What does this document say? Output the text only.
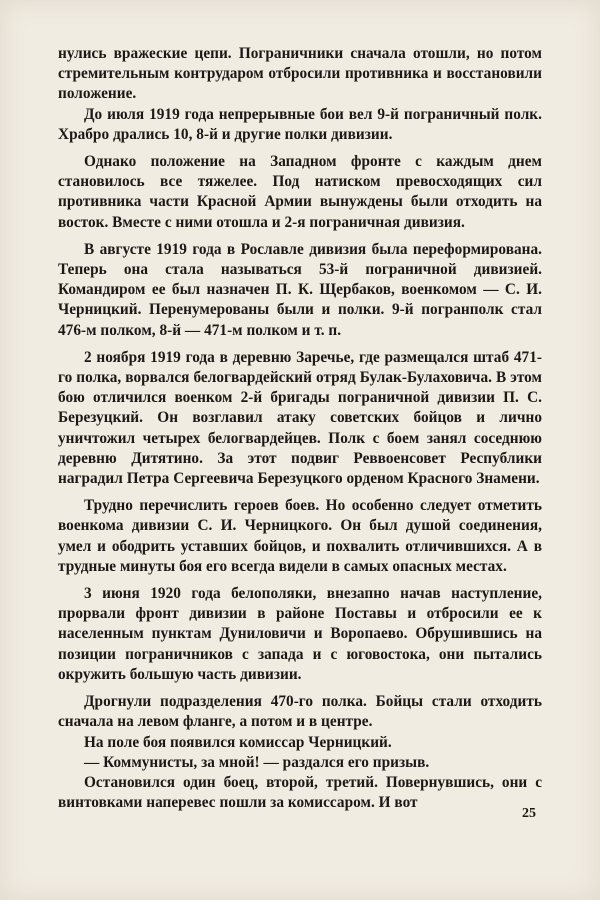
нулись вражеские цепи. Пограничники сначала отошли, но потом стремительным контрударом отбросили противника и восстановили положение.

До июля 1919 года непрерывные бои вел 9-й пограничный полк. Храбро дрались 10, 8-й и другие полки дивизии.

Однако положение на Западном фронте с каждым днем становилось все тяжелее. Под натиском превосходящих сил противника части Красной Армии вынуждены были отходить на восток. Вместе с ними отошла и 2-я пограничная дивизия.

В августе 1919 года в Рославле дивизия была переформирована. Теперь она стала называться 53-й пограничной дивизией. Командиром ее был назначен П. К. Щербаков, военкомом — С. И. Черницкий. Перенумерованы были и полки. 9-й погранполк стал 476-м полком, 8-й — 471-м полком и т. п.

2 ноября 1919 года в деревню Заречье, где размещался штаб 471-го полка, ворвался белогвардейский отряд Булак-Булаховича. В этом бою отличился военком 2-й бригады пограничной дивизии П. С. Березуцкий. Он возглавил атаку советских бойцов и лично уничтожил четырех белогвардейцев. Полк с боем занял соседнюю деревню Дитятино. За этот подвиг Реввоенсовет Республики наградил Петра Сергеевича Березуцкого орденом Красного Знамени.

Трудно перечислить героев боев. Но особенно следует отметить военкома дивизии С. И. Черницкого. Он был душой соединения, умел и ободрить уставших бойцов, и похвалить отличившихся. А в трудные минуты боя его всегда видели в самых опасных местах.

3 июня 1920 года белополяки, внезапно начав наступление, прорвали фронт дивизии в районе Поставы и отбросили ее к населенным пунктам Дуниловичи и Воропаево. Обрушившись на позиции пограничников с запада и с юговостока, они пытались окружить большую часть дивизии.

Дрогнули подразделения 470-го полка. Бойцы стали отходить сначала на левом фланге, а потом и в центре.

На поле боя появился комиссар Черницкий.

— Коммунисты, за мной! — раздался его призыв.

Остановился один боец, второй, третий. Повернувшись, они с винтовками наперевес пошли за комиссаром. И вот

25
